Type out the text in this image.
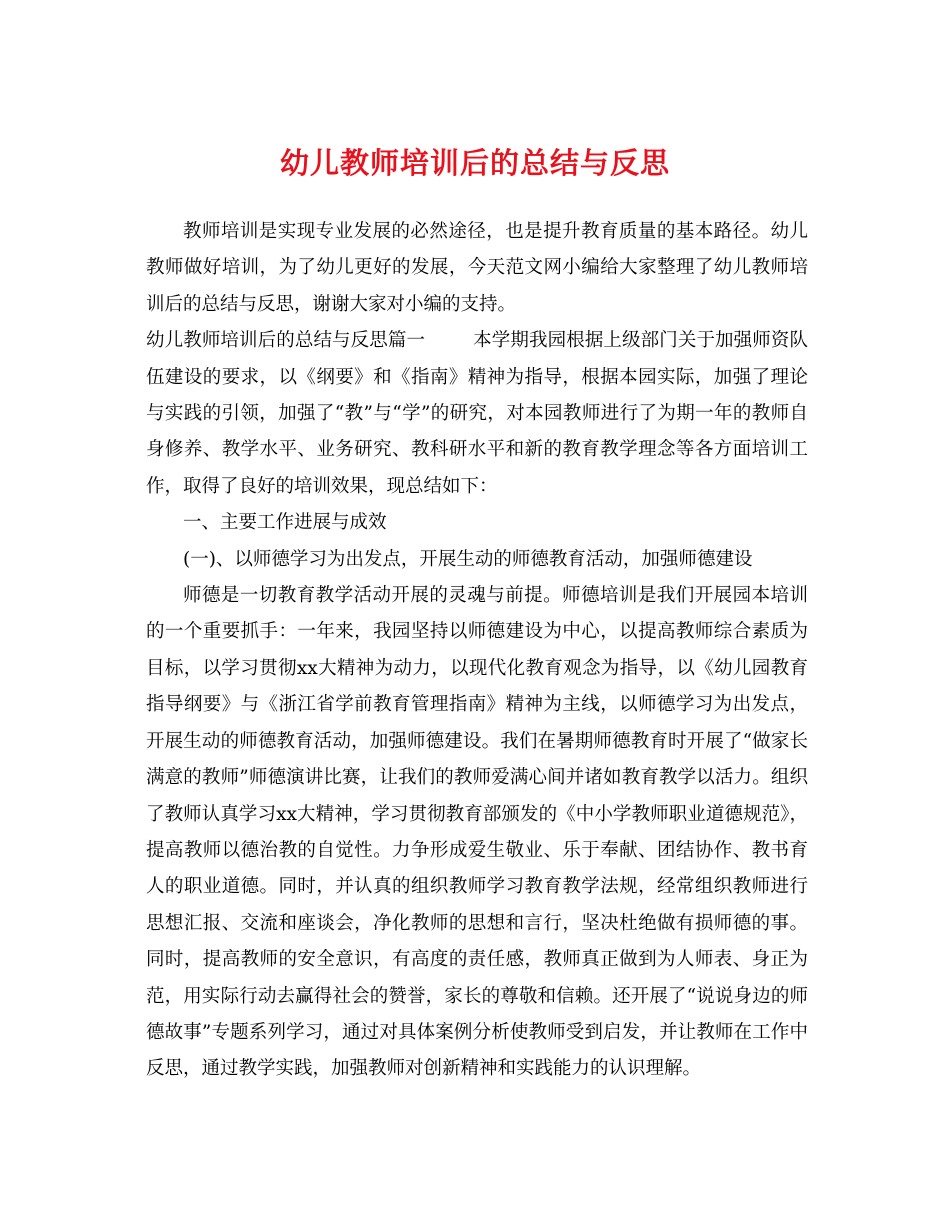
幼儿教师培训后的总结与反思

教师培训是实现专业发展的必然途径，也是提升教育质量的基本路径。幼儿教师做好培训，为了幼儿更好的发展，今天范文网小编给大家整理了幼儿教师培训后的总结与反思，谢谢大家对小编的支持。

幼儿教师培训后的总结与反思篇一	本学期我园根据上级部门关于加强师资队伍建设的要求，以《纲要》和《指南》精神为指导，根据本园实际，加强了理论与实践的引领，加强了“教”与“学”的研究，对本园教师进行了为期一年的教师自身修养、教学水平、业务研究、教科研水平和新的教育教学理念等各方面培训工作，取得了良好的培训效果，现总结如下：

一、主要工作进展与成效

(一)、以师德学习为出发点，开展生动的师德教育活动，加强师德建设

师德是一切教育教学活动开展的灵魂与前提。师德培训是我们开展园本培训的一个重要抓手：一年来，我园坚持以师德建设为中心，以提高教师综合素质为目标，以学习贯彻xx大精神为动力，以现代化教育观念为指导，以《幼儿园教育指导纲要》与《浙江省学前教育管理指南》精神为主线，以师德学习为出发点，开展生动的师德教育活动，加强师德建设。我们在暑期师德教育时开展了“做家长满意的教师”师德演讲比赛，让我们的教师爱满心间并诸如教育教学以活力。组织了教师认真学习xx大精神，学习贯彻教育部颁发的《中小学教师职业道德规范》，提高教师以德治教的自觉性。力争形成爱生敬业、乐于奉献、团结协作、教书育人的职业道德。同时，并认真的组织教师学习教育教学法规，经常组织教师进行思想汇报、交流和座谈会，净化教师的思想和言行，坚决杜绝做有损师德的事。同时，提高教师的安全意识，有高度的责任感，教师真正做到为人师表、身正为范，用实际行动去赢得社会的赞誉，家长的尊敬和信赖。还开展了“说说身边的师德故事”专题系列学习，通过对具体案例分析使教师受到启发，并让教师在工作中反思，通过教学实践，加强教师对创新精神和实践能力的认识理解。
